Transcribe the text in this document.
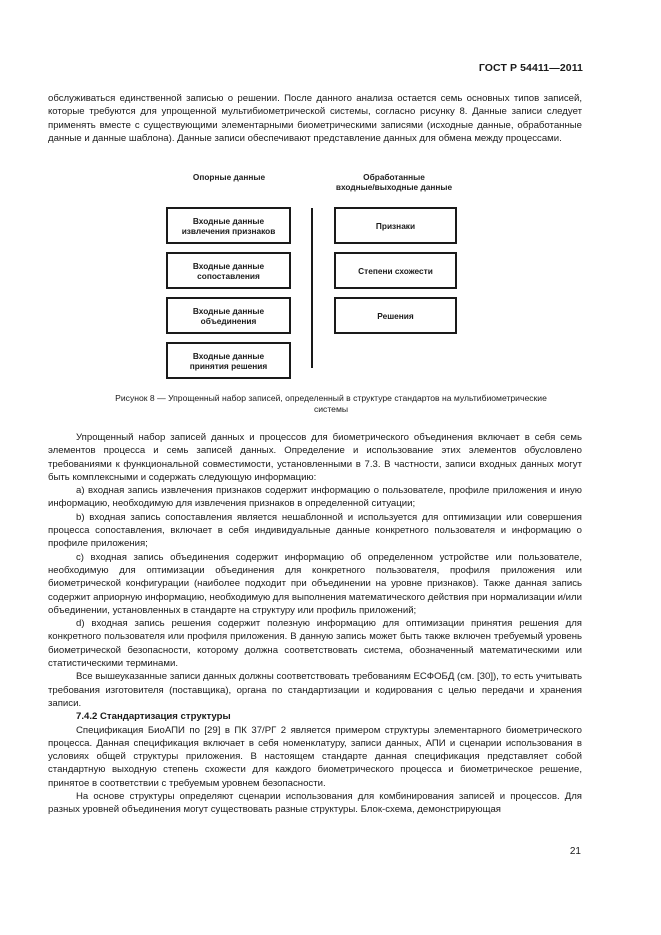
ГОСТ Р 54411—2011

обслуживаться единственной записью о решении. После данного анализа остается семь основных типов записей, которые требуются для упрощенной мультибиометрической системы, согласно рисунку 8. Данные записи следует применять вместе с существующими элементарными биометрическими записями (исходные данные, обработанные данные и данные шаблона). Данные записи обеспечивают представление данных для обмена между процессами.

Опорные данные	Обработанные
входные/выходные данные
Входные данные
извлечения признаков
Входные данные
сопоставления
Входные данные
объединения
Входные данные
принятия решения
Признаки
Степени схожести
Решения
Рисунок 8 — Упрощенный набор записей, определенный в структуре стандартов на мультибиометрические
системы

Упрощенный набор записей данных и процессов для биометрического объединения включает в себя семь элементов процесса и семь записей данных. Определение и использование этих элементов обусловлено требованиями к функциональной совместимости, установленными в 7.3. В частности, записи входных данных могут быть комплексными и содержать следующую информацию:

a) входная запись извлечения признаков содержит информацию о пользователе, профиле приложения и иную информацию, необходимую для извлечения признаков в определенной ситуации;

b) входная запись сопоставления является нешаблонной и используется для оптимизации или совершения процесса сопоставления, включает в себя индивидуальные данные конкретного пользователя и информацию о профиле приложения;

c) входная запись объединения содержит информацию об определенном устройстве или пользователе, необходимую для оптимизации объединения для конкретного пользователя, профиля приложения или биометрической конфигурации (наиболее подходит при объединении на уровне признаков). Также данная запись содержит априорную информацию, необходимую для выполнения математического действия при нормализации и/или объединении, установленных в стандарте на структуру или профиль приложений;

d) входная запись решения содержит полезную информацию для оптимизации принятия решения для конкретного пользователя или профиля приложения. В данную запись может быть также включен требуемый уровень биометрической безопасности, которому должна соответствовать система, обозначенный математическими или статистическими терминами.

Все вышеуказанные записи данных должны соответствовать требованиям ЕСФОБД (см. [30]), то есть учитывать требования изготовителя (поставщика), органа по стандартизации и кодирования с целью передачи и хранения записи.

7.4.2 Стандартизация структуры

Спецификация БиоАПИ по [29] в ПК 37/РГ 2 является примером структуры элементарного биометрического процесса. Данная спецификация включает в себя номенклатуру, записи данных, АПИ и сценарии использования в условиях общей структуры приложения. В настоящем стандарте данная спецификация представляет собой стандартную выходную степень схожести для каждого биометрического процесса и биометрическое решение, принятое в соответствии с требуемым уровнем безопасности.

На основе структуры определяют сценарии использования для комбинирования записей и процессов. Для разных уровней объединения могут существовать разные структуры. Блок-схема, демонстрирующая

21
